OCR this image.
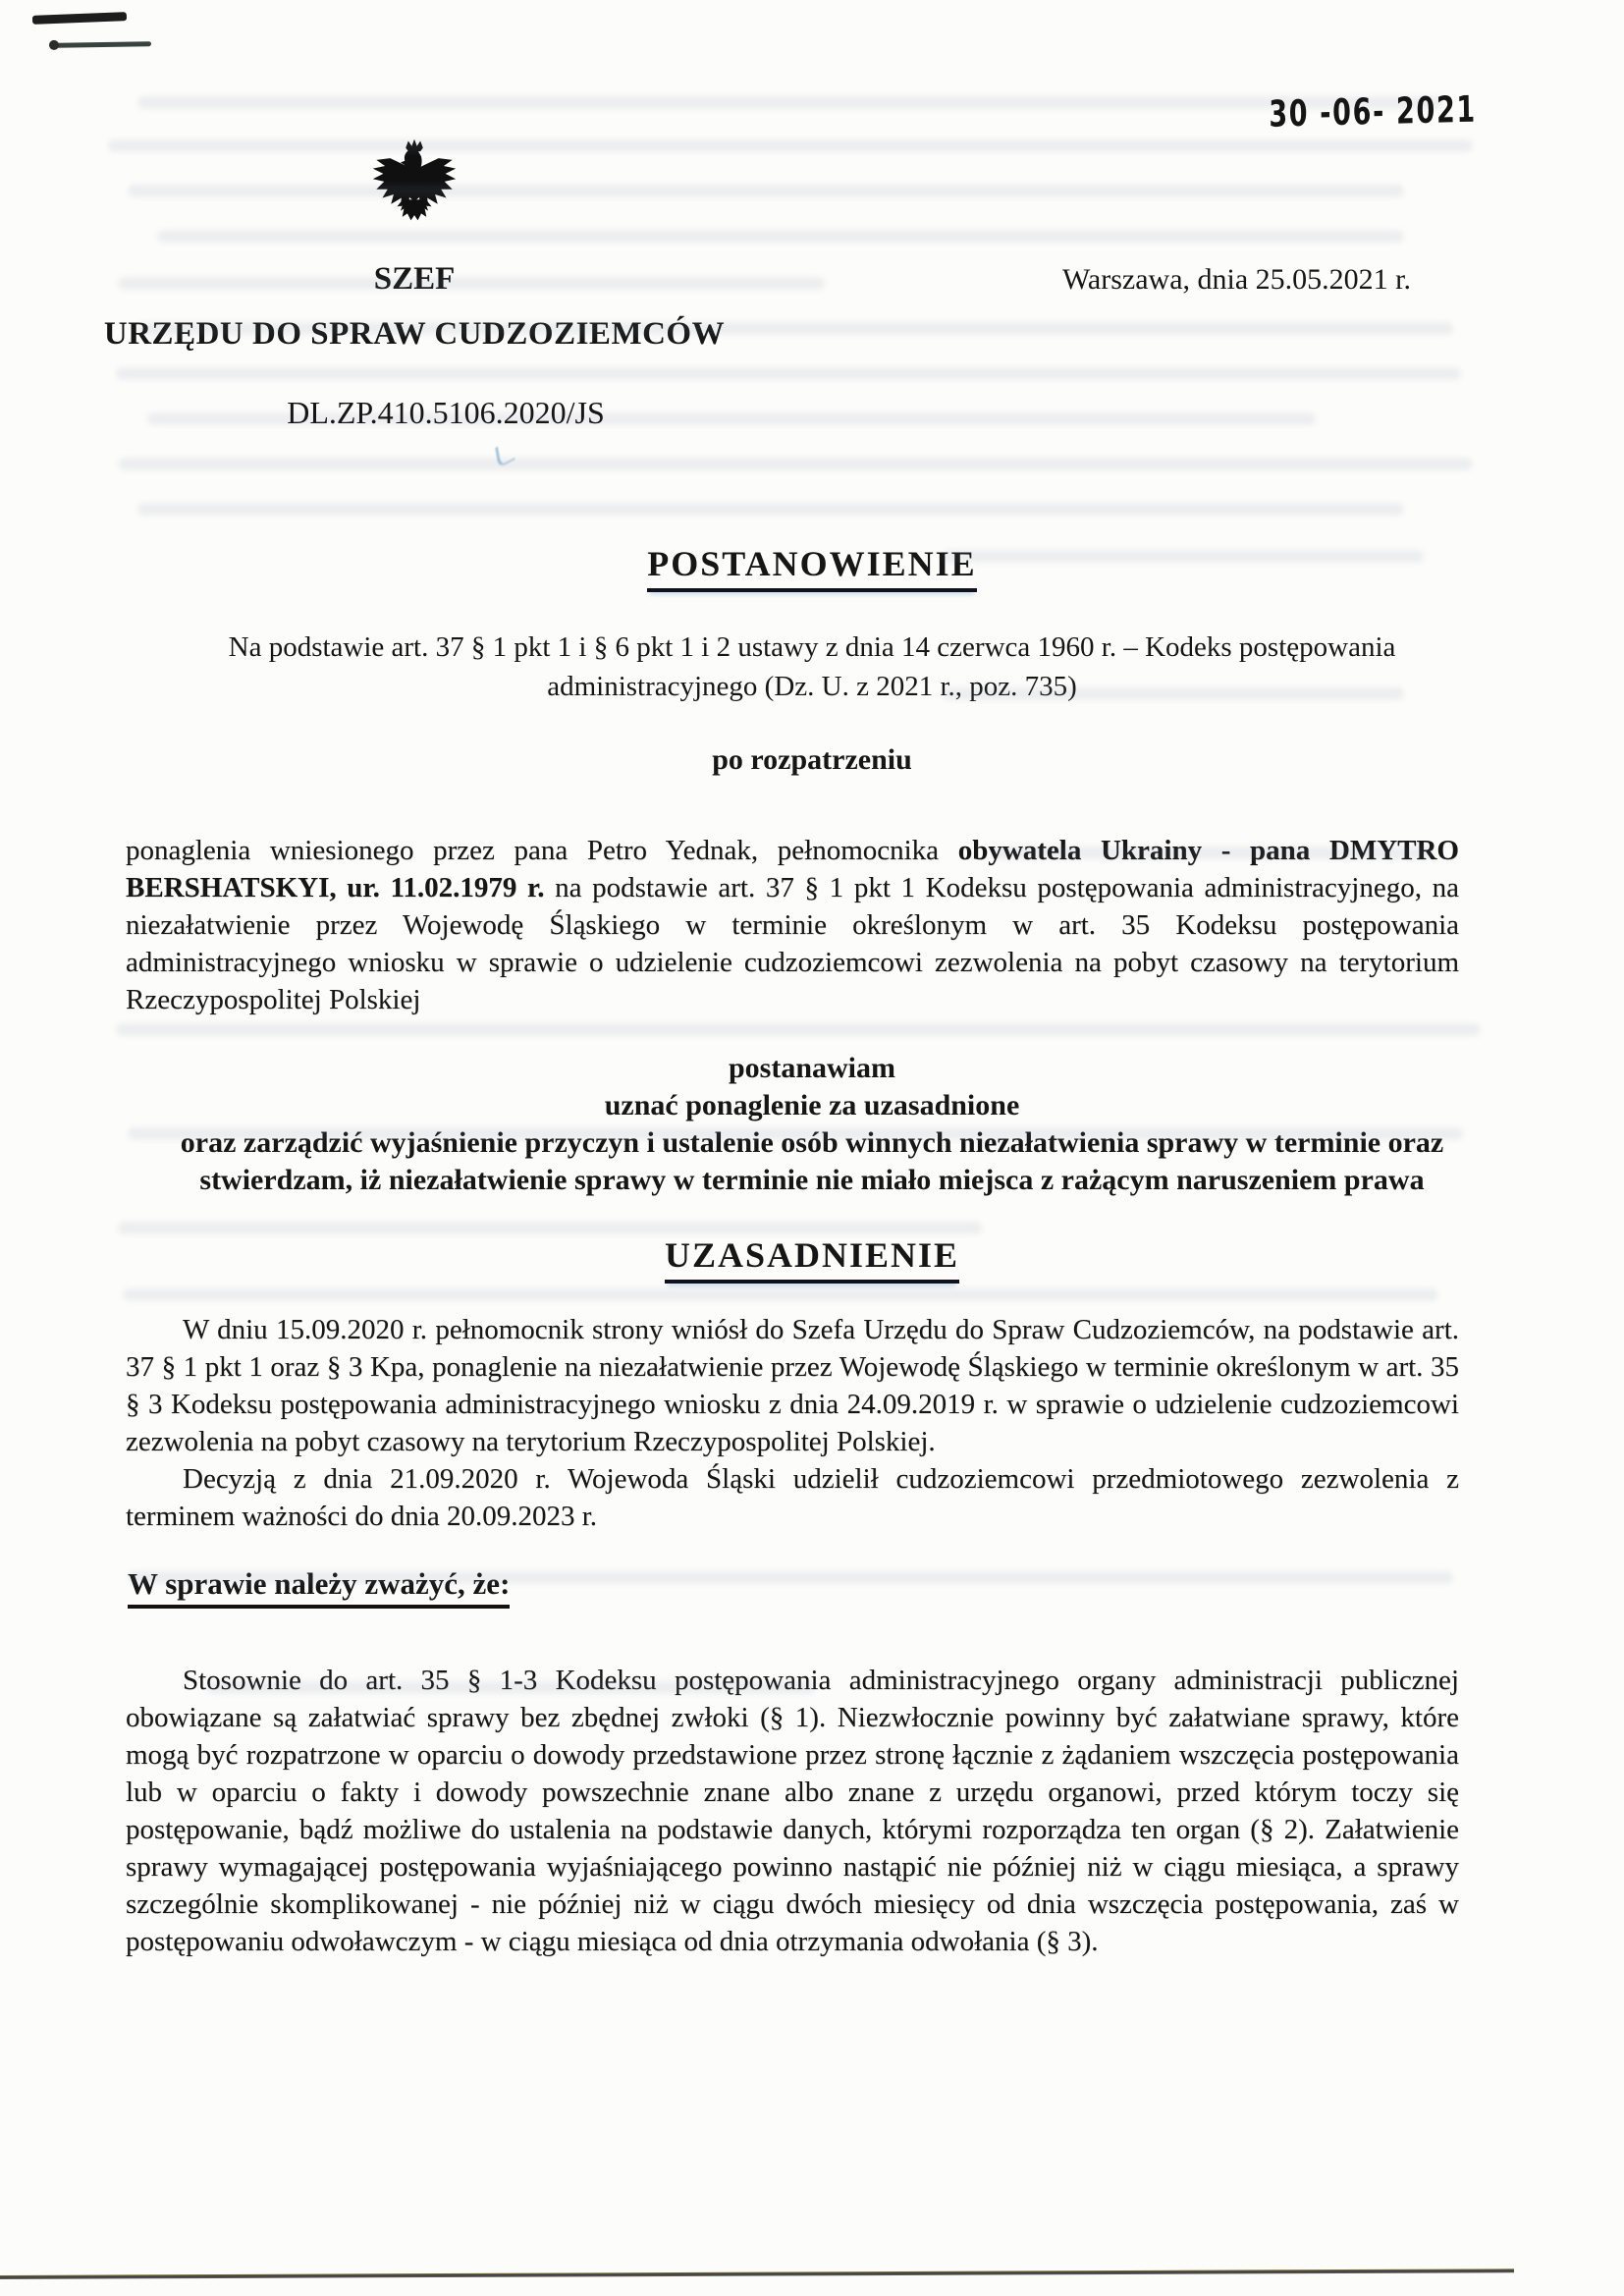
30 -06- 2021
Warszawa, dnia 25.05.2021 r.
SZEF
URZĘDU DO SPRAW CUDZOZIEMCÓW
DL.ZP.410.5106.2020/JS
POSTANOWIENIE
Na podstawie art. 37 § 1 pkt 1 i § 6 pkt 1 i 2 ustawy z dnia 14 czerwca 1960 r. – Kodeks postępowania administracyjnego (Dz. U. z 2021 r., poz. 735)
po rozpatrzeniu

ponaglenia wniesionego przez pana Petro Yednak, pełnomocnika obywatela Ukrainy - pana DMYTRO BERSHATSKYI, ur. 11.02.1979 r. na podstawie art. 37 § 1 pkt 1 Kodeksu postępowania administracyjnego, na niezałatwienie przez Wojewodę Śląskiego w terminie określonym w art. 35 Kodeksu postępowania administracyjnego wniosku w sprawie o udzielenie cudzoziemcowi zezwolenia na pobyt czasowy na terytorium Rzeczypospolitej Polskiej

postanawiam
uznać ponaglenie za uzasadnione
oraz zarządzić wyjaśnienie przyczyn i ustalenie osób winnych niezałatwienia sprawy w terminie oraz stwierdzam, iż niezałatwienie sprawy w terminie nie miało miejsca z rażącym naruszeniem prawa
UZASADNIENIE

W dniu 15.09.2020 r. pełnomocnik strony wniósł do Szefa Urzędu do Spraw Cudzoziemców, na podstawie art. 37 § 1 pkt 1 oraz § 3 Kpa, ponaglenie na niezałatwienie przez Wojewodę Śląskiego w terminie określonym w art. 35 § 3 Kodeksu postępowania administracyjnego wniosku z dnia 24.09.2019 r. w sprawie o udzielenie cudzoziemcowi zezwolenia na pobyt czasowy na terytorium Rzeczypospolitej Polskiej.

Decyzją z dnia 21.09.2020 r. Wojewoda Śląski udzielił cudzoziemcowi przedmiotowego zezwolenia z terminem ważności do dnia 20.09.2023 r.

W sprawie należy zważyć, że:

Stosownie do art. 35 § 1-3 Kodeksu postępowania administracyjnego organy administracji publicznej obowiązane są załatwiać sprawy bez zbędnej zwłoki (§ 1). Niezwłocznie powinny być załatwiane sprawy, które mogą być rozpatrzone w oparciu o dowody przedstawione przez stronę łącznie z żądaniem wszczęcia postępowania lub w oparciu o fakty i dowody powszechnie znane albo znane z urzędu organowi, przed którym toczy się postępowanie, bądź możliwe do ustalenia na podstawie danych, którymi rozporządza ten organ (§ 2). Załatwienie sprawy wymagającej postępowania wyjaśniającego powinno nastąpić nie później niż w ciągu miesiąca, a sprawy szczególnie skomplikowanej - nie później niż w ciągu dwóch miesięcy od dnia wszczęcia postępowania, zaś w postępowaniu odwoławczym - w ciągu miesiąca od dnia otrzymania odwołania (§ 3).
